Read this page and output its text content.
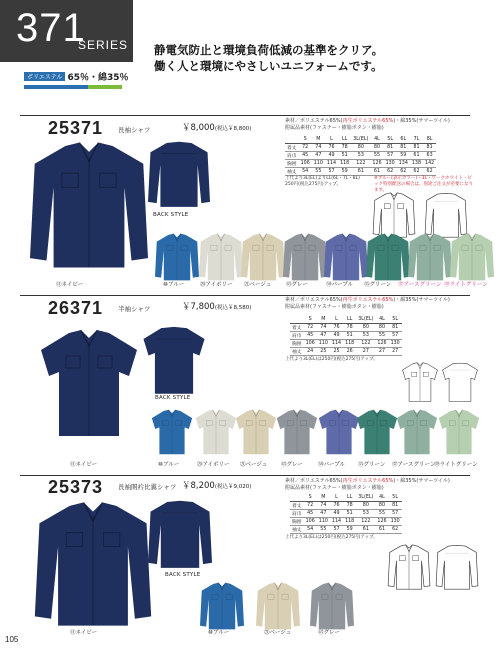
371
SERIES 静電気防止と環境負荷低減の基準をクリア。
働く人と環境にやさしいユニフォームです。
ポリエステル 65％・綿35％
25371 長袖シャツ	￥8,000(税込￥8,800)
素材／ポリエステル65%(再生ポリエステル65%)・綿35%(サマーツイル)
附属品素材(ファスナー・樹脂ボタン・樹脂)
	S	M	L	LL	3L(EL)	4L	5L	6L	7L	8L
着丈	72	74	76	78	80	80	81	81	81	81
肩巾	45	47	49	51	53	55	57	59	61	63
胸囲	106	110	114	118	122	126	130	134	138	142
袖丈	54	55	57	59	61	61	62	62	62	62
上代より3L(EL)よりLL(6L・7L・8L)
250円(税込275円)アップ。
※ブルー(表示カラー)・3L・ワークホワイト・ビック特別配送の場合は、別途ご注文が必要になります。
BACK STYLE
⑪ネイビー	⑩ブルー	⑳アイボリー ㉑ベージュ	㊸グレー	㊿パープル ㉟グリーン ㊲アースグリーン ㊴ライトグリーン
26371 半袖シャツ	￥7,800(税込￥8,580)
素材／ポリエステル65%(再生ポリエステル65%)・綿35%(サマーツイル)
附属品素材(ファスナー・樹脂ボタン・樹脂)
	S	M	L	LL	3L(EL)	4L	5L
着丈	72	74	76	78	80	80	81
肩巾	45	47	49	51	53	55	57
胸囲	106	110	114	118	122	126	130
袖丈	24	25	25	26	27	27	27
上代より3L(EL)は250円(税込275円)アップ。
BACK STYLE
⑪ネイビー	⑩ブルー	⑳アイボリー ㉑ベージュ ㊸グレー	㊿パープル ㉟グリーン ㊲アースグリーン
㊴ライトグリーン
25373 長袖開衿比翼シャツ ￥8,200(税込￥9,020)
素材／ポリエステル65%(再生ポリエステル65%)・綿35%(サマーツイル)
附属品素材(ファスナー・樹脂ボタン・樹脂)
	S	M	L	LL	3L(EL)	4L	5L
着丈	72	74	76	78	80	80	81
肩巾	45	47	49	51	53	55	57
胸囲	106	110	114	118	122	126	130
袖丈	54	55	57	59	61	61	62
上代より3L(EL)は250円(税込275円)アップ。
BACK STYLE
⑪ネイビー	⑩ブルー	㉑ベージュ	㊸グレー
105
